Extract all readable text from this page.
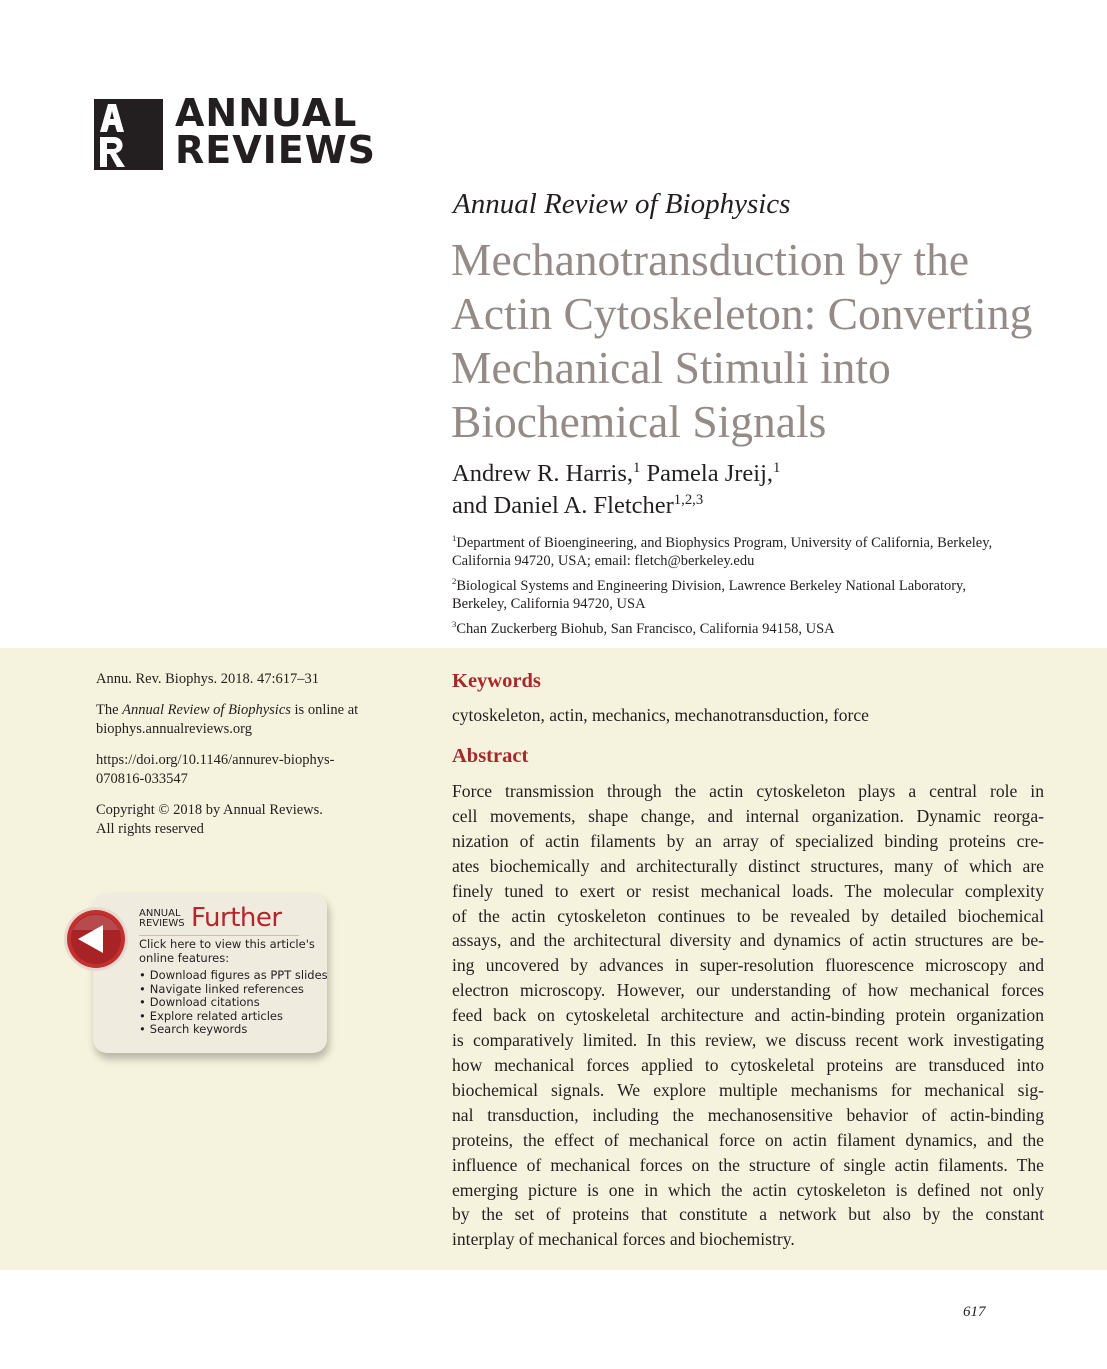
ANNUAL
REVIEWS
Annual Review of Biophysics
Mechanotransduction by the
Actin Cytoskeleton: Converting
Mechanical Stimuli into
Biochemical Signals
Andrew R. Harris,$^1$ Pamela Jreij,$^1$
and Daniel A. Fletcher$^{1,2,3}$
$^1$Department of Bioengineering, and Biophysics Program, University of California, Berkeley,
California 94720, USA; email: fletch@berkeley.edu
$^2$Biological Systems and Engineering Division, Lawrence Berkeley National Laboratory,
Berkeley, California 94720, USA
$^3$Chan Zuckerberg Biohub, San Francisco, California 94158, USA

Annu. Rev. Biophys. 2018. 47:617–31

The Annual Review of Biophysics is online at
biophys.annualreviews.org

https://doi.org/10.1146/annurev-biophys-
070816-033547

Copyright © 2018 by Annual Reviews.
All rights reserved

ANNUAL
REVIEWS Further
Click here to view this article's
online features:
• Download figures as PPT slides
• Navigate linked references
• Download citations
• Explore related articles
• Search keywords
Keywords
cytoskeleton, actin, mechanics, mechanotransduction, force
Abstract
Force transmission through the actin cytoskeleton plays a central role in
cell movements, shape change, and internal organization. Dynamic reorga-
nization of actin filaments by an array of specialized binding proteins cre-
ates biochemically and architecturally distinct structures, many of which are
finely tuned to exert or resist mechanical loads. The molecular complexity
of the actin cytoskeleton continues to be revealed by detailed biochemical
assays, and the architectural diversity and dynamics of actin structures are be-
ing uncovered by advances in super-resolution fluorescence microscopy and
electron microscopy. However, our understanding of how mechanical forces
feed back on cytoskeletal architecture and actin-binding protein organization
is comparatively limited. In this review, we discuss recent work investigating
how mechanical forces applied to cytoskeletal proteins are transduced into
biochemical signals. We explore multiple mechanisms for mechanical sig-
nal transduction, including the mechanosensitive behavior of actin-binding
proteins, the effect of mechanical force on actin filament dynamics, and the
influence of mechanical forces on the structure of single actin filaments. The
emerging picture is one in which the actin cytoskeleton is defined not only
by the set of proteins that constitute a network but also by the constant
interplay of mechanical forces and biochemistry.
617
